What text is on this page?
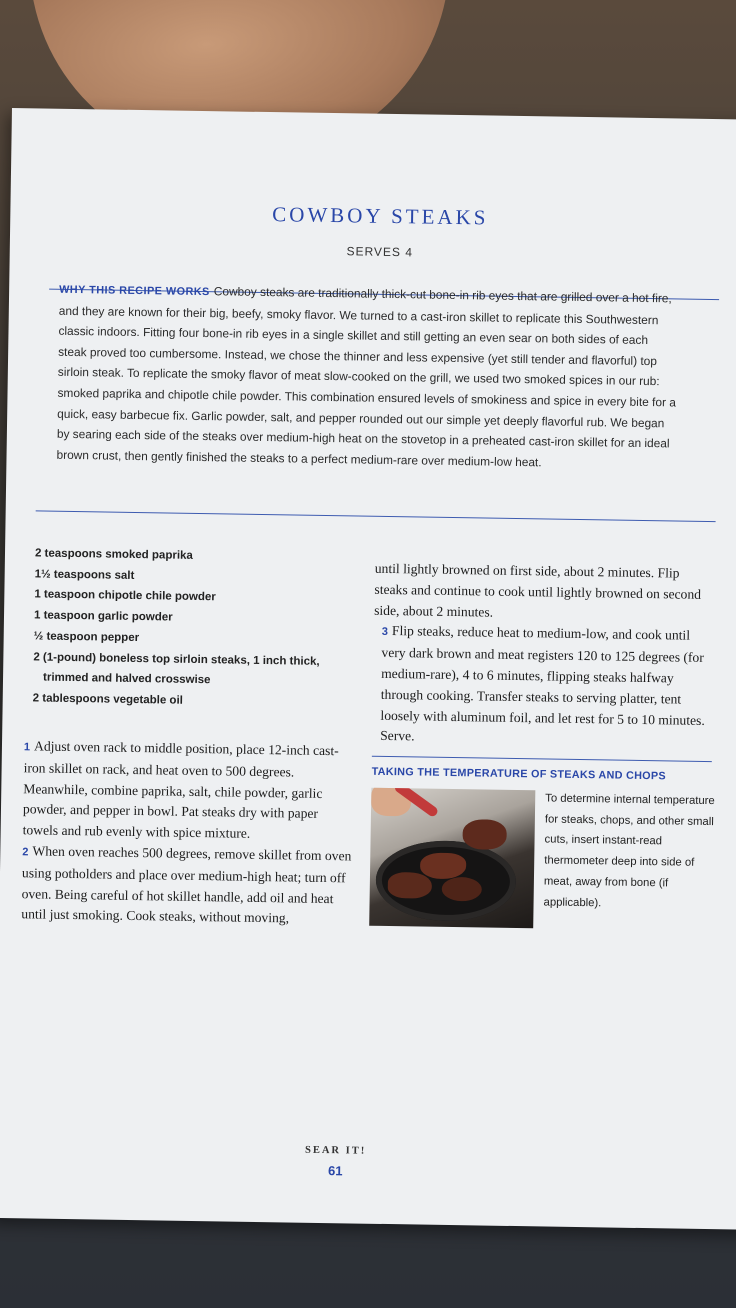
COWBOY STEAKS
SERVES 4
WHY THIS RECIPE WORKS Cowboy steaks are traditionally thick-cut bone-in rib eyes that are grilled over a hot fire, and they are known for their big, beefy, smoky flavor. We turned to a cast-iron skillet to replicate this Southwestern classic indoors. Fitting four bone-in rib eyes in a single skillet and still getting an even sear on both sides of each steak proved too cumbersome. Instead, we chose the thinner and less expensive (yet still tender and flavorful) top sirloin steak. To replicate the smoky flavor of meat slow-cooked on the grill, we used two smoked spices in our rub: smoked paprika and chipotle chile powder. This combination ensured levels of smokiness and spice in every bite for a quick, easy barbecue fix. Garlic powder, salt, and pepper rounded out our simple yet deeply flavorful rub. We began by searing each side of the steaks over medium-high heat on the stovetop in a preheated cast-iron skillet for an ideal brown crust, then gently finished the steaks to a perfect medium-rare over medium-low heat.
2 teaspoons smoked paprika
1½ teaspoons salt
1 teaspoon chipotle chile powder
1 teaspoon garlic powder
½ teaspoon pepper
2 (1-pound) boneless top sirloin steaks, 1 inch thick,
trimmed and halved crosswise
2 tablespoons vegetable oil

1 Adjust oven rack to middle position, place 12-inch cast-iron skillet on rack, and heat oven to 500 degrees. Meanwhile, combine paprika, salt, chile powder, garlic powder, and pepper in bowl. Pat steaks dry with paper towels and rub evenly with spice mixture.

2 When oven reaches 500 degrees, remove skillet from oven using potholders and place over medium-high heat; turn off oven. Being careful of hot skillet handle, add oil and heat until just smoking. Cook steaks, without moving,

until lightly browned on first side, about 2 minutes. Flip steaks and continue to cook until lightly browned on second side, about 2 minutes.

3 Flip steaks, reduce heat to medium-low, and cook until very dark brown and meat registers 120 to 125 degrees (for medium-rare), 4 to 6 minutes, flipping steaks halfway through cooking. Transfer steaks to serving platter, tent loosely with aluminum foil, and let rest for 5 to 10 minutes. Serve.

TAKING THE TEMPERATURE OF STEAKS AND CHOPS
To determine internal temperature for steaks, chops, and other small cuts, insert instant-read thermometer deep into side of meat, away from bone (if applicable).
SEAR IT!
61
